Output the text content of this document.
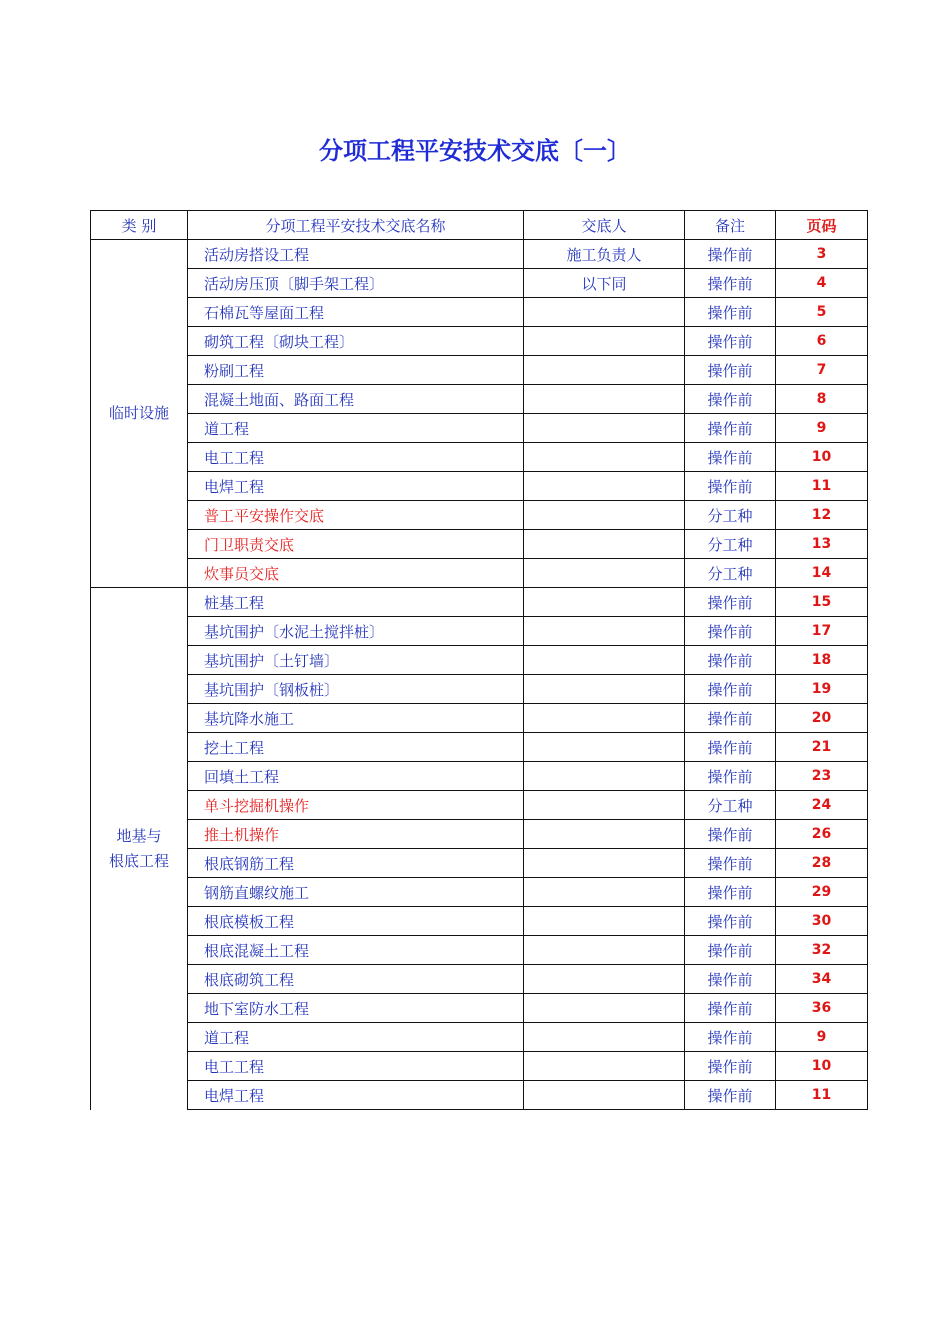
分项工程平安技术交底〔一〕
类 别	分项工程平安技术交底名称	交底人	备注	页码

临时设施	活动房搭设工程	施工负责人	操作前	3
	活动房压顶〔脚手架工程〕	以下同	操作前	4
	石棉瓦等屋面工程		操作前	5
	砌筑工程〔砌块工程〕		操作前	6
	粉刷工程		操作前	7
	混凝土地面、路面工程		操作前	8
	道工程		操作前	9
	电工工程		操作前	10
	电焊工程		操作前	11
	普工平安操作交底		分工种	12
	门卫职责交底		分工种	13
	炊事员交底		分工种	14

地基与
根底工程	桩基工程		操作前	15
	基坑围护〔水泥土搅拌桩〕		操作前	17
	基坑围护〔土钉墙〕		操作前	18
	基坑围护〔钢板桩〕		操作前	19
	基坑降水施工		操作前	20
	挖土工程		操作前	21
	回填土工程		操作前	23
	单斗挖掘机操作		分工种	24
	推土机操作		操作前	26
	根底钢筋工程		操作前	28
	钢筋直螺纹施工		操作前	29
	根底模板工程		操作前	30
	根底混凝土工程		操作前	32
	根底砌筑工程		操作前	34
	地下室防水工程		操作前	36
	道工程		操作前	9
	电工工程		操作前	10
	电焊工程		操作前	11
